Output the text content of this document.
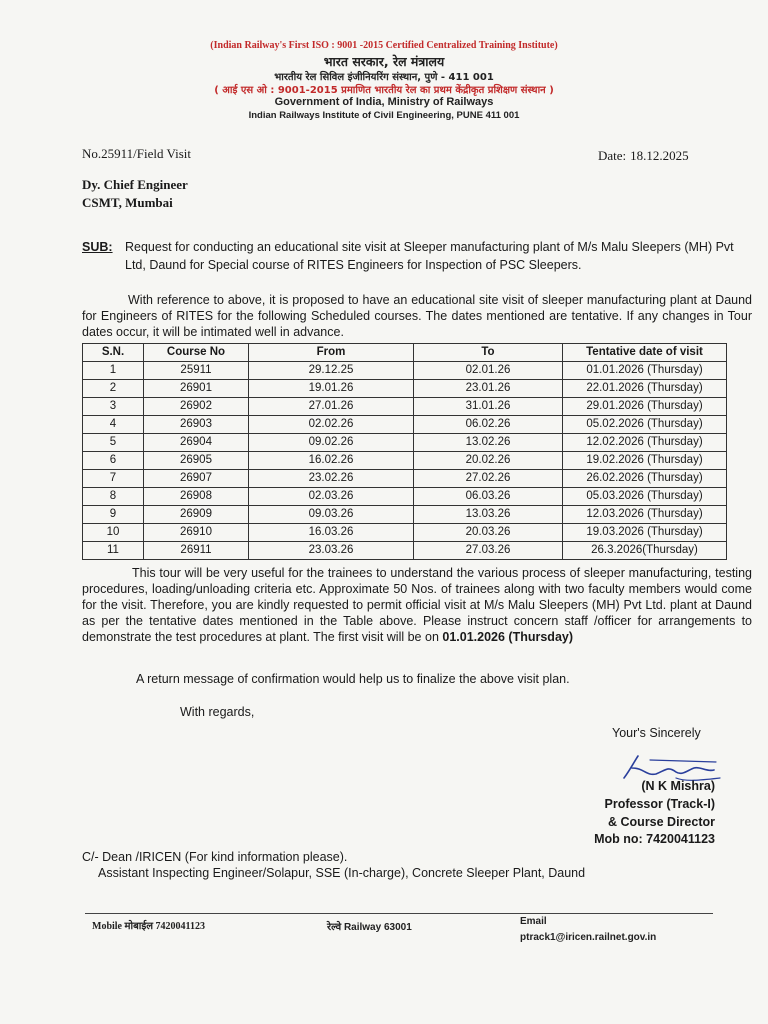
(Indian Railway's First ISO : 9001 -2015 Certified Centralized Training Institute)
भारत सरकार, रेल मंत्रालय
भारतीय रेल सिविल इंजीनियरिंग संस्थान, पुणे - 411 001
( आई एस ओ : 9001-2015 प्रमाणित भारतीय रेल का प्रथम केंद्रीकृत प्रशिक्षण संस्थान )
Government of India, Ministry of Railways
Indian Railways Institute of Civil Engineering, PUNE 411 001
No.25911/Field Visit	Date: 18.12.2025
Dy. Chief Engineer
CSMT, Mumbai
SUB: Request for conducting an educational site visit at Sleeper manufacturing plant of M/s Malu Sleepers (MH) Pvt Ltd, Daund for Special course of RITES Engineers for Inspection of PSC Sleepers.
With reference to above, it is proposed to have an educational site visit of sleeper manufacturing plant at Daund for Engineers of RITES for the following Scheduled courses. The dates mentioned are tentative. If any changes in Tour dates occur, it will be intimated well in advance.
S.N.	Course No	From	To	Tentative date of visit
1	25911	29.12.25	02.01.26	01.01.2026 (Thursday)
2	26901	19.01.26	23.01.26	22.01.2026 (Thursday)
3	26902	27.01.26	31.01.26	29.01.2026 (Thursday)
4	26903	02.02.26	06.02.26	05.02.2026 (Thursday)
5	26904	09.02.26	13.02.26	12.02.2026 (Thursday)
6	26905	16.02.26	20.02.26	19.02.2026 (Thursday)
7	26907	23.02.26	27.02.26	26.02.2026 (Thursday)
8	26908	02.03.26	06.03.26	05.03.2026 (Thursday)
9	26909	09.03.26	13.03.26	12.03.2026 (Thursday)
10	26910	16.03.26	20.03.26	19.03.2026 (Thursday)
11	26911	23.03.26	27.03.26	26.3.2026(Thursday)
This tour will be very useful for the trainees to understand the various process of sleeper manufacturing, testing procedures, loading/unloading criteria etc. Approximate 50 Nos. of trainees along with two faculty members would come for the visit. Therefore, you are kindly requested to permit official visit at M/s Malu Sleepers (MH) Pvt Ltd. plant at Daund as per the tentative dates mentioned in the Table above. Please instruct concern staff /officer for arrangements to demonstrate the test procedures at plant. The first visit will be on 01.01.2026 (Thursday)
A return message of confirmation would help us to finalize the above visit plan.
With regards,
Your's Sincerely
(N K Mishra)
Professor (Track-I)
& Course Director
Mob no: 7420041123
C/- Dean /IRICEN (For kind information please).
Assistant Inspecting Engineer/Solapur, SSE (In-charge), Concrete Sleeper Plant, Daund
Mobile मोबाईल 7420041123	रेल्वे Railway 63001
Email
ptrack1@iricen.railnet.gov.in
